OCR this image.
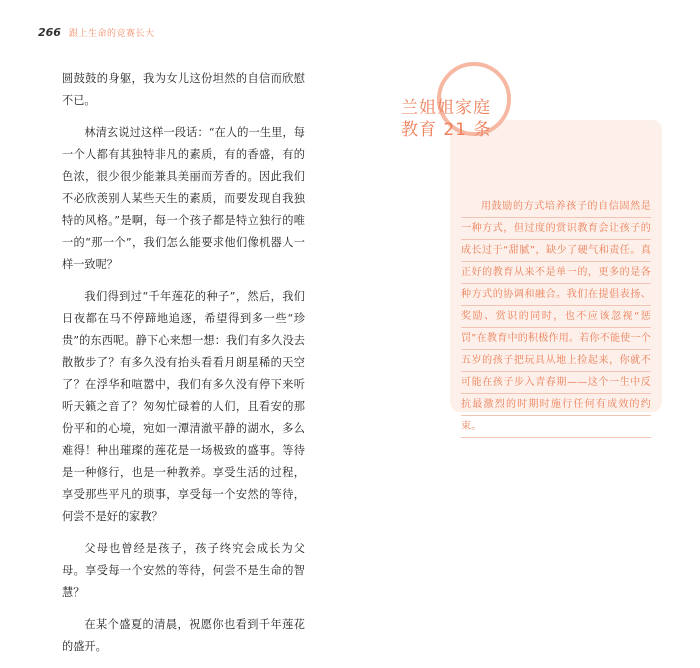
266 跟上生命的竞赛长大

圆鼓鼓的身躯，我为女儿这份坦然的自信而欣慰不已。

林清玄说过这样一段话：“在人的一生里，每一个人都有其独特非凡的素质，有的香盛，有的色浓，很少很少能兼具美丽而芳香的。因此我们不必欣羡别人某些天生的素质，而要发现自我独特的风格。”是啊，每一个孩子都是特立独行的唯一的“那一个”，我们怎么能要求他们像机器人一样一致呢？

我们得到过“千年莲花的种子”，然后，我们日夜都在马不停蹄地追逐，希望得到多一些“珍贵”的东西呢。静下心来想一想：我们有多久没去散散步了？有多久没有抬头看看月朗星稀的天空了？在浮华和喧嚣中，我们有多久没有停下来听听天籁之音了？匆匆忙碌着的人们，且看安的那份平和的心境，宛如一潭清澈平静的湖水，多么难得！种出璀璨的莲花是一场极致的盛事。等待是一种修行，也是一种教养。享受生活的过程，享受那些平凡的琐事，享受每一个安然的等待，何尝不是好的家教？

父母也曾经是孩子，孩子终究会成长为父母。享受每一个安然的等待，何尝不是生命的智慧？

在某个盛夏的清晨，祝愿你也看到千年莲花的盛开。

兰姐姐家庭
教育 21 条

用鼓励的方式培养孩子的自信固然是一种方式，但过度的赏识教育会让孩子的成长过于“甜腻”，缺少了硬气和责任。真正好的教育从来不是单一的，更多的是各种方式的协调和融合。我们在提倡表扬、奖励、赏识的同时，也不应该忽视“惩罚”在教育中的积极作用。若你不能使一个五岁的孩子把玩具从地上捡起来，你就不可能在孩子步入青春期——这个一生中反抗最激烈的时期时施行任何有成效的约束。
